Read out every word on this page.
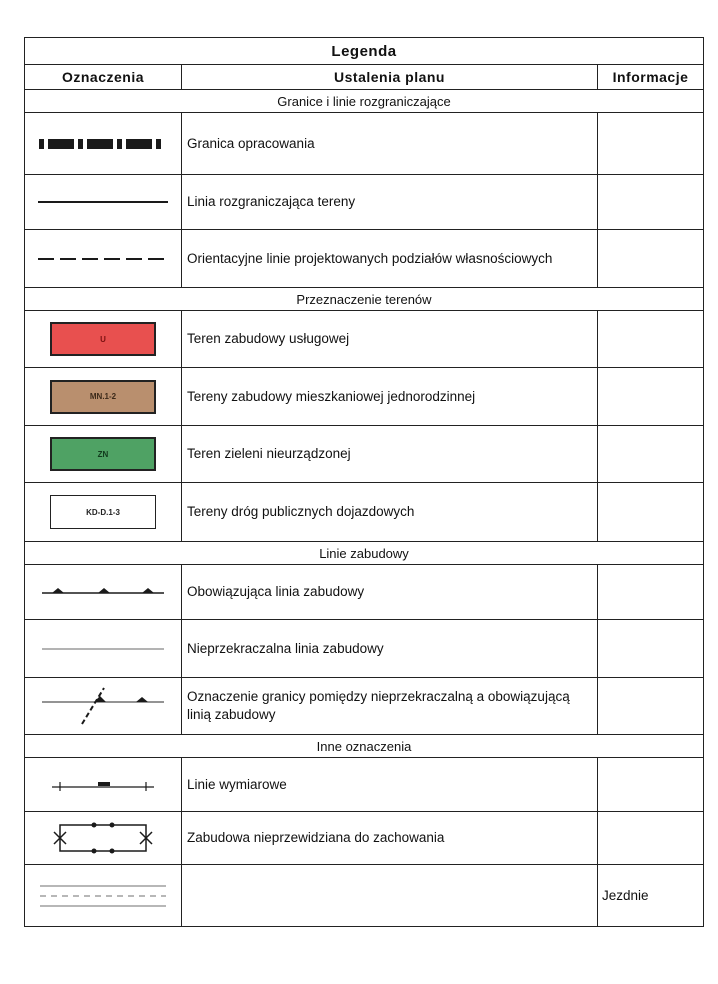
Legenda		
Oznaczenia	Ustalenia planu	Informacje
Granice i linie rozgraniczające		

	Granica opracowania	

	Linia rozgraniczająca tereny	

	Orientacyjne linie projektowanych podziałów własnościowych	
Przeznaczenie terenów		

U	Teren zabudowy usługowej	

MN.1-2	Tereny zabudowy mieszkaniowej jednorodzinnej	

ZN	Teren zieleni nieurządzonej	

KD-D.1-3	Tereny dróg publicznych dojazdowych	
Linie zabudowy		

	Obowiązująca linia zabudowy	

	Nieprzekraczalna linia zabudowy	

	Oznaczenie granicy pomiędzy nieprzekraczalną a obowiązującą linią zabudowy	
Inne oznaczenia		

	Linie wymiarowe	

	Zabudowa nieprzewidziana do zachowania	

		Jezdnie
